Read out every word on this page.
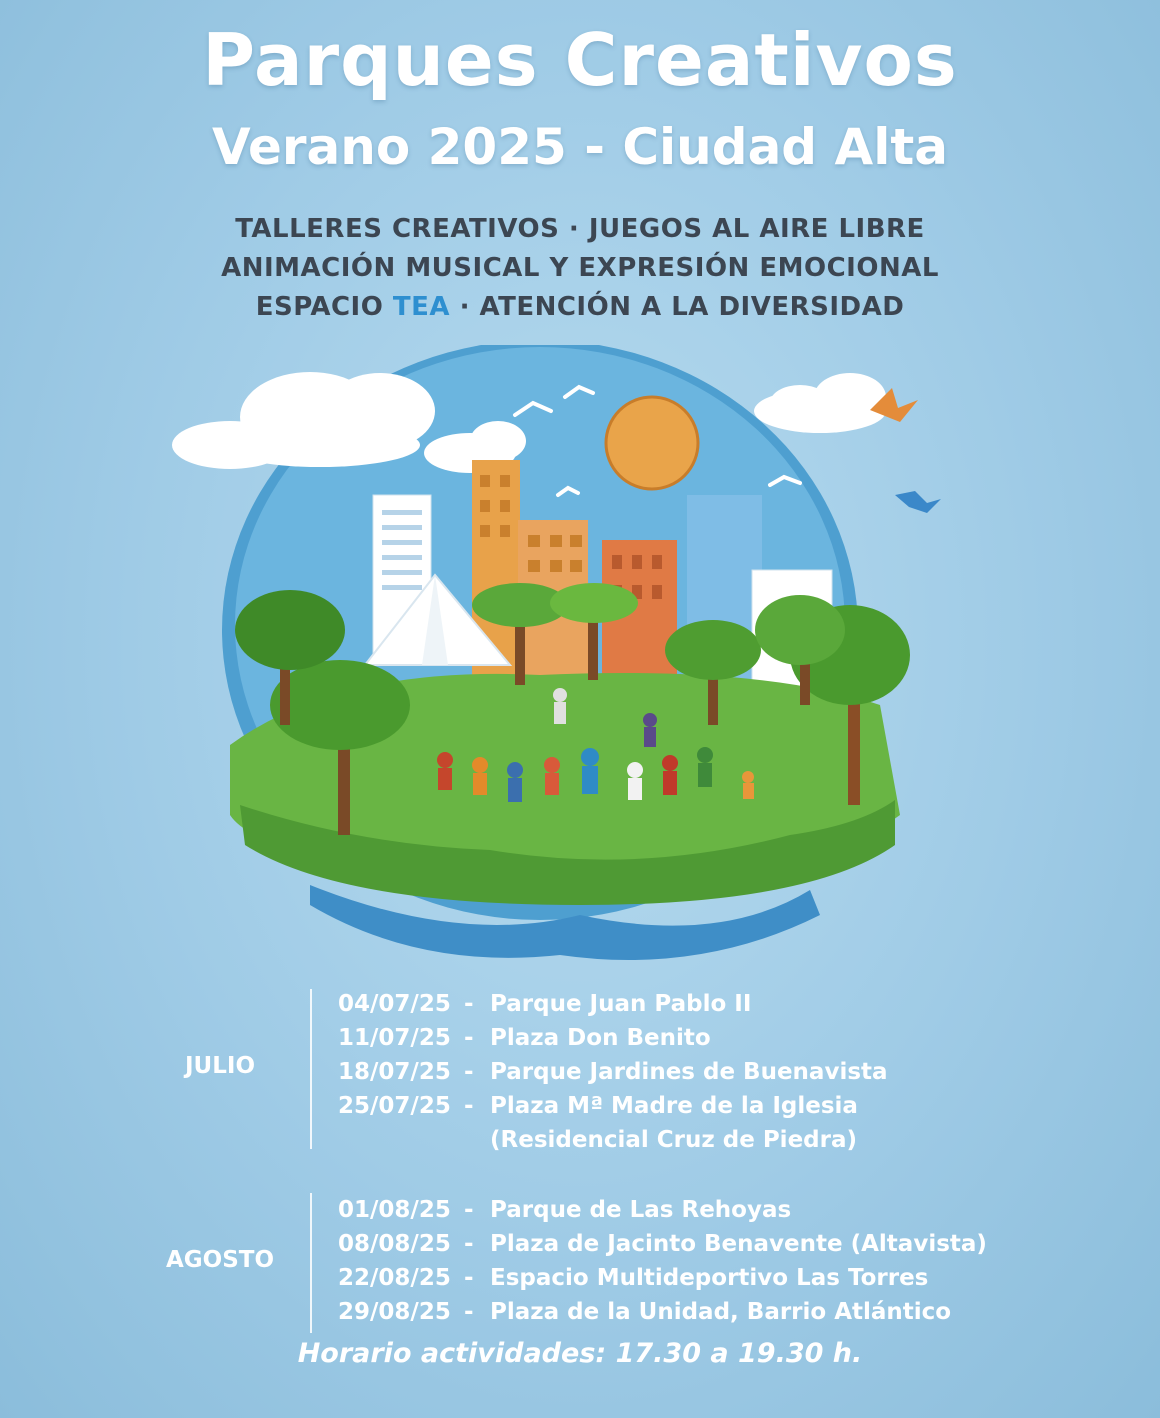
Parques Creativos
Verano 2025 - Ciudad Alta
TALLERES CREATIVOS · JUEGOS AL AIRE LIBRE
ANIMACIÓN MUSICAL Y EXPRESIÓN EMOCIONAL
ESPACIO TEA · ATENCIÓN A LA DIVERSIDAD
JULIO
04/07/25 - Parque Juan Pablo II
11/07/25 - Plaza Don Benito
18/07/25 - Parque Jardines de Buenavista
25/07/25 - Plaza Mª Madre de la Iglesia
(Residencial Cruz de Piedra)
AGOSTO
01/08/25 - Parque de Las Rehoyas
08/08/25 - Plaza de Jacinto Benavente (Altavista)
22/08/25 - Espacio Multideportivo Las Torres
29/08/25 - Plaza de la Unidad, Barrio Atlántico
Horario actividades: 17.30 a 19.30 h.
